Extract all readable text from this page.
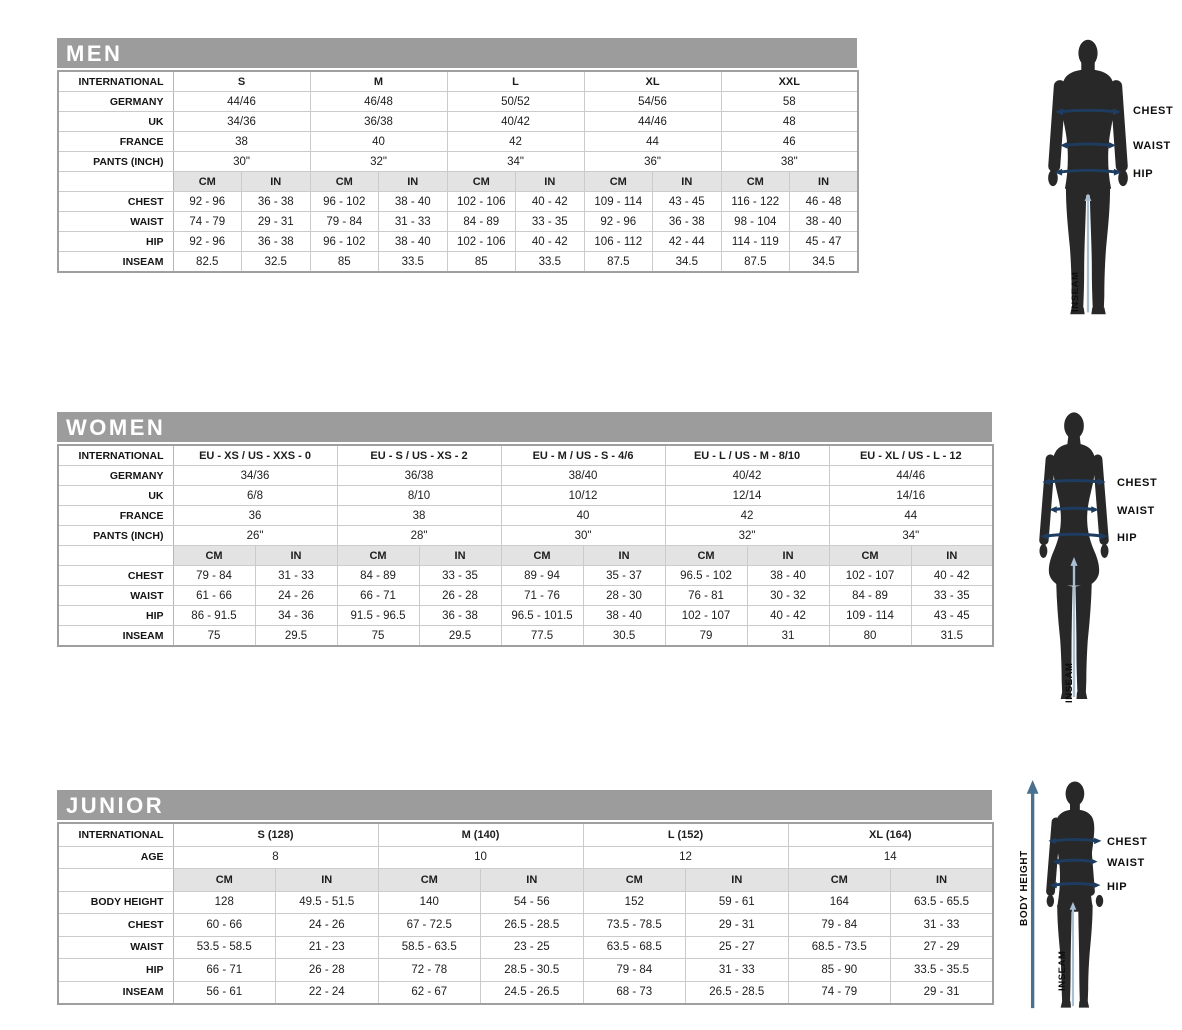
MEN
INTERNATIONAL	S		M		L		XL		XXL	
GERMANY	44/46		46/48		50/52		54/56		58	
UK	34/36		36/38		40/42		44/46		48	
FRANCE	38		40		42		44		46	
PANTS (INCH)	30"		32"		34"		36"		38"	
	CM	IN	CM	IN	CM	IN	CM	IN	CM	IN
CHEST	92 - 96	36 - 38	96 - 102	38 - 40	102 - 106	40 - 42	109 - 114	43 - 45	116 - 122	46 - 48
WAIST	74 - 79	29 - 31	79 - 84	31 - 33	84 - 89	33 - 35	92 - 96	36 - 38	98 - 104	38 - 40
HIP	92 - 96	36 - 38	96 - 102	38 - 40	102 - 106	40 - 42	106 - 112	42 - 44	114 - 119	45 - 47
INSEAM	82.5	32.5	85	33.5	85	33.5	87.5	34.5	87.5	34.5
CHEST
WAIST
HIP
INSEAM
WOMEN
INTERNATIONAL	EU - XS / US - XXS - 0		EU - S / US - XS - 2		EU - M / US - S - 4/6		EU - L / US - M - 8/10		EU - XL / US - L - 12	
GERMANY	34/36		36/38		38/40		40/42		44/46	
UK	6/8		8/10		10/12		12/14		14/16	
FRANCE	36		38		40		42		44	
PANTS (INCH)	26"		28"		30"		32"		34"	
	CM	IN	CM	IN	CM	IN	CM	IN	CM	IN
CHEST	79 - 84	31 - 33	84 - 89	33 - 35	89 - 94	35 - 37	96.5 - 102	38 - 40	102 - 107	40 - 42
WAIST	61 - 66	24 - 26	66 - 71	26 - 28	71 - 76	28 - 30	76 - 81	30 - 32	84 - 89	33 - 35
HIP	86 - 91.5	34 - 36	91.5 - 96.5	36 - 38	96.5 - 101.5	38 - 40	102 - 107	40 - 42	109 - 114	43 - 45
INSEAM	75	29.5	75	29.5	77.5	30.5	79	31	80	31.5
CHEST
WAIST
HIP
INSEAM
JUNIOR
INTERNATIONAL	S (128)		M (140)		L (152)		XL (164)	
AGE	8		10		12		14	
	CM	IN	CM	IN	CM	IN	CM	IN
BODY HEIGHT	128	49.5 - 51.5	140	54 - 56	152	59 - 61	164	63.5 - 65.5
CHEST	60 - 66	24 - 26	67 - 72.5	26.5 - 28.5	73.5 - 78.5	29 - 31	79 - 84	31 - 33
WAIST	53.5 - 58.5	21 - 23	58.5 - 63.5	23 - 25	63.5 - 68.5	25 - 27	68.5 - 73.5	27 - 29
HIP	66 - 71	26 - 28	72 - 78	28.5 - 30.5	79 - 84	31 - 33	85 - 90	33.5 - 35.5
INSEAM	56 - 61	22 - 24	62 - 67	24.5 - 26.5	68 - 73	26.5 - 28.5	74 - 79	29 - 31
CHEST
WAIST
HIP
BODY HEIGHT
INSEAM
